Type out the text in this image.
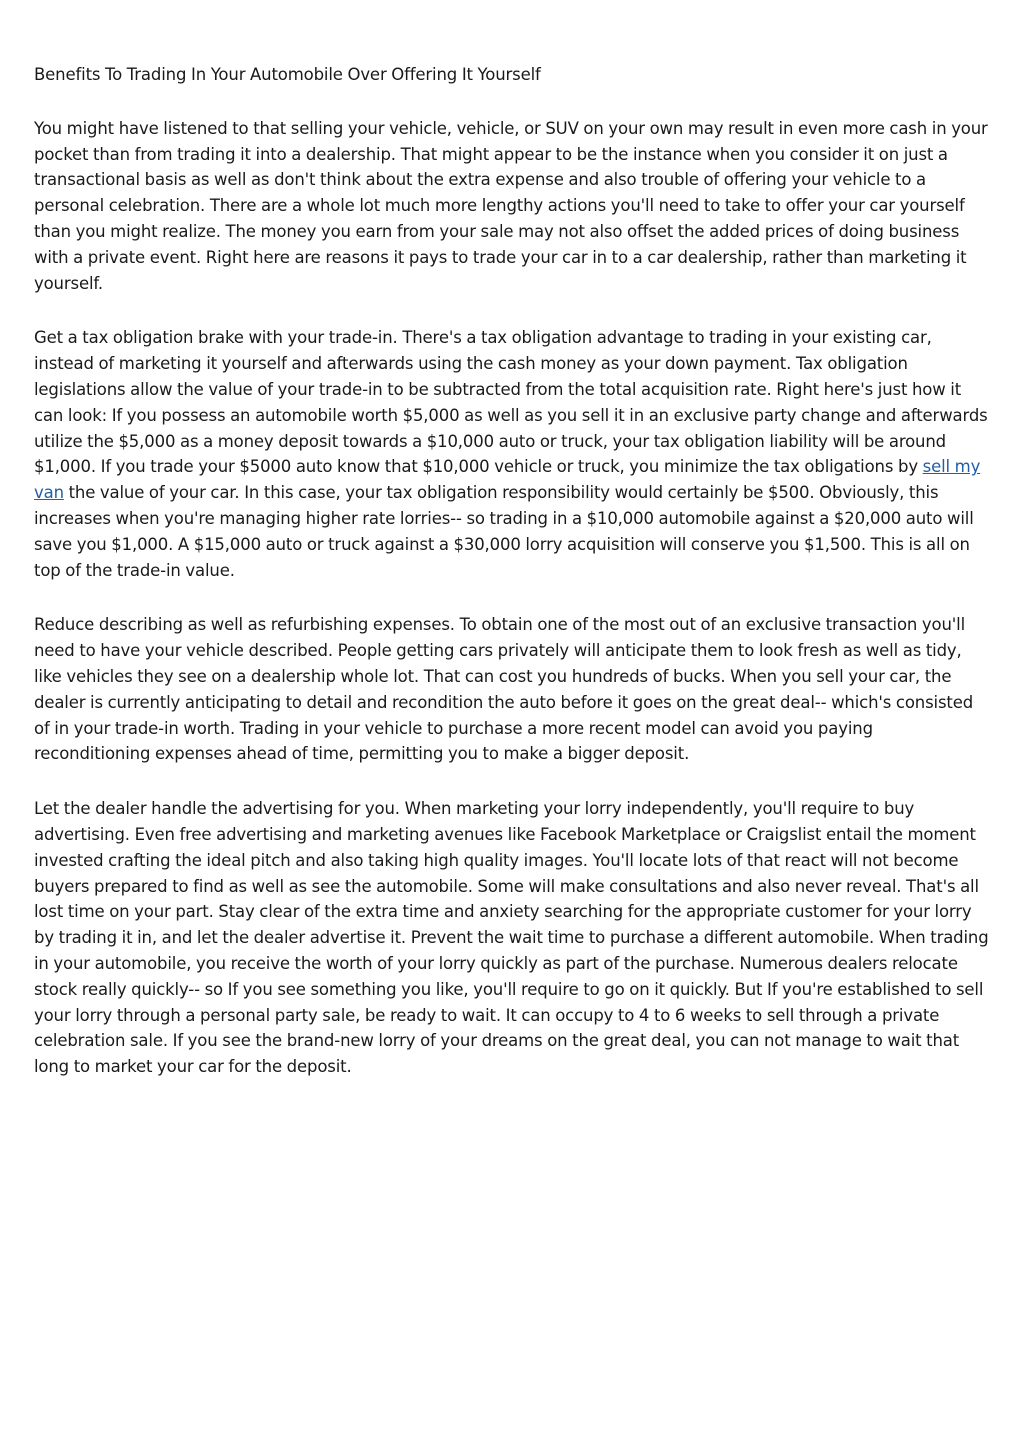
Benefits To Trading In Your Automobile Over Offering It Yourself

You might have listened to that selling your vehicle, vehicle, or SUV on your own may result in even more cash in your pocket than from trading it into a dealership. That might appear to be the instance when you consider it on just a transactional basis as well as don't think about the extra expense and also trouble of offering your vehicle to a personal celebration. There are a whole lot much more lengthy actions you'll need to take to offer your car yourself than you might realize. The money you earn from your sale may not also offset the added prices of doing business with a private event. Right here are reasons it pays to trade your car in to a car dealership, rather than marketing it yourself.

Get a tax obligation brake with your trade-in. There's a tax obligation advantage to trading in your existing car, instead of marketing it yourself and afterwards using the cash money as your down payment. Tax obligation legislations allow the value of your trade-in to be subtracted from the total acquisition rate. Right here's just how it can look: If you possess an automobile worth $5,000 as well as you sell it in an exclusive party change and afterwards utilize the $5,000 as a money deposit towards a $10,000 auto or truck, your tax obligation liability will be around $1,000. If you trade your $5000 auto know that $10,000 vehicle or truck, you minimize the tax obligations by sell my van the value of your car. In this case, your tax obligation responsibility would certainly be $500. Obviously, this increases when you're managing higher rate lorries-- so trading in a $10,000 automobile against a $20,000 auto will save you $1,000. A $15,000 auto or truck against a $30,000 lorry acquisition will conserve you $1,500. This is all on top of the trade-in value.

Reduce describing as well as refurbishing expenses. To obtain one of the most out of an exclusive transaction you'll need to have your vehicle described. People getting cars privately will anticipate them to look fresh as well as tidy, like vehicles they see on a dealership whole lot. That can cost you hundreds of bucks. When you sell your car, the dealer is currently anticipating to detail and recondition the auto before it goes on the great deal-- which's consisted of in your trade-in worth. Trading in your vehicle to purchase a more recent model can avoid you paying reconditioning expenses ahead of time, permitting you to make a bigger deposit.

Let the dealer handle the advertising for you. When marketing your lorry independently, you'll require to buy advertising. Even free advertising and marketing avenues like Facebook Marketplace or Craigslist entail the moment invested crafting the ideal pitch and also taking high quality images. You'll locate lots of that react will not become buyers prepared to find as well as see the automobile. Some will make consultations and also never reveal. That's all lost time on your part. Stay clear of the extra time and anxiety searching for the appropriate customer for your lorry by trading it in, and let the dealer advertise it. Prevent the wait time to purchase a different automobile. When trading in your automobile, you receive the worth of your lorry quickly as part of the purchase. Numerous dealers relocate stock really quickly-- so If you see something you like, you'll require to go on it quickly. But If you're established to sell your lorry through a personal party sale, be ready to wait. It can occupy to 4 to 6 weeks to sell through a private celebration sale. If you see the brand-new lorry of your dreams on the great deal, you can not manage to wait that long to market your car for the deposit.
